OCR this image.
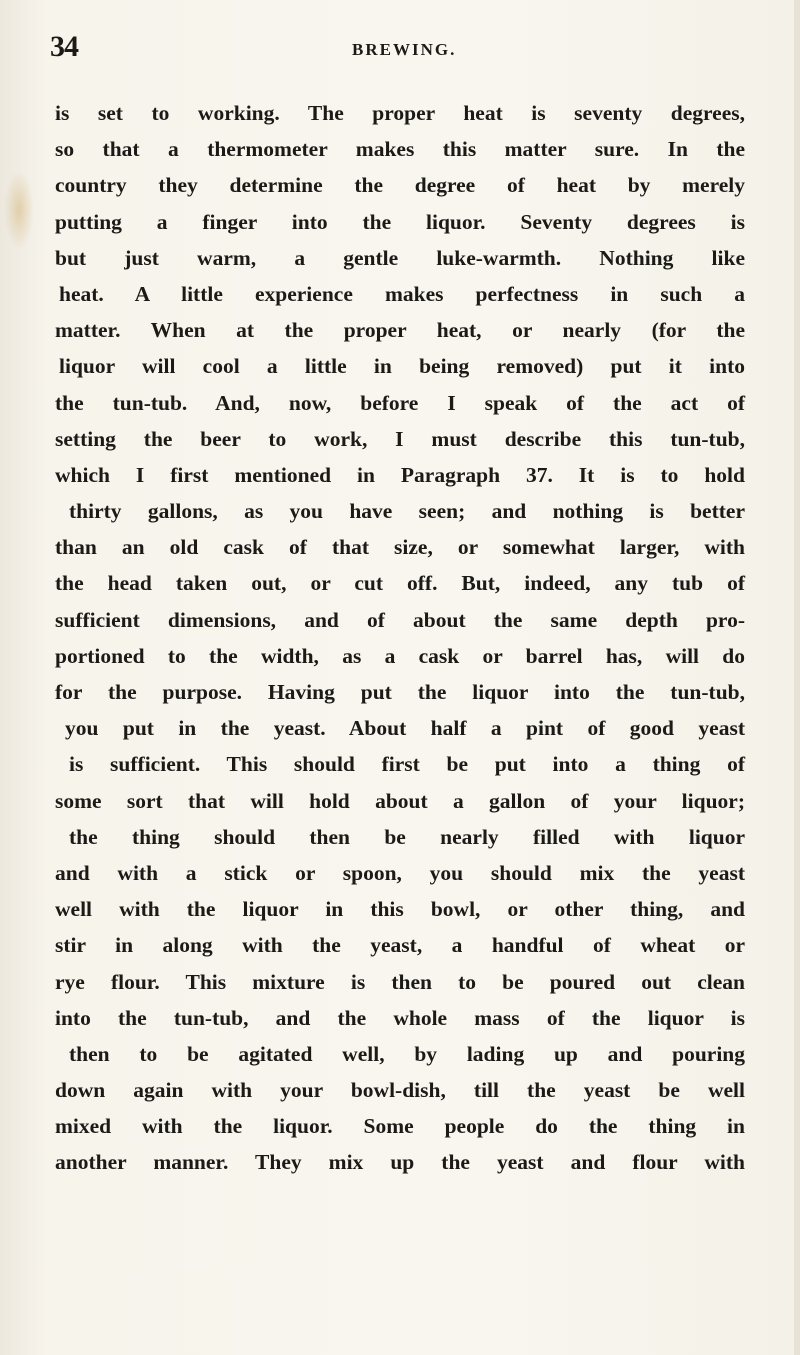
34	BREWING.
is set to working. The proper heat is seventy degrees,
so that a thermometer makes this matter sure. In the
country they determine the degree of heat by merely
putting a finger into the liquor. Seventy degrees is
but just warm, a gentle luke-warmth. Nothing like
heat. A little experience makes perfectness in such a
matter. When at the proper heat, or nearly (for the
liquor will cool a little in being removed) put it into
the tun-tub. And, now, before I speak of the act of
setting the beer to work, I must describe this tun-tub,
which I first mentioned in Paragraph 37. It is to hold
thirty gallons, as you have seen; and nothing is better
than an old cask of that size, or somewhat larger, with
the head taken out, or cut off. But, indeed, any tub of
sufficient dimensions, and of about the same depth pro-
portioned to the width, as a cask or barrel has, will do
for the purpose. Having put the liquor into the tun-tub,
you put in the yeast. About half a pint of good yeast
is sufficient. This should first be put into a thing of
some sort that will hold about a gallon of your liquor;
the thing should then be nearly filled with liquor
and with a stick or spoon, you should mix the yeast
well with the liquor in this bowl, or other thing, and
stir in along with the yeast, a handful of wheat or
rye flour. This mixture is then to be poured out clean
into the tun-tub, and the whole mass of the liquor is
then to be agitated well, by lading up and pouring
down again with your bowl-dish, till the yeast be well
mixed with the liquor. Some people do the thing in
another manner. They mix up the yeast and flour with
